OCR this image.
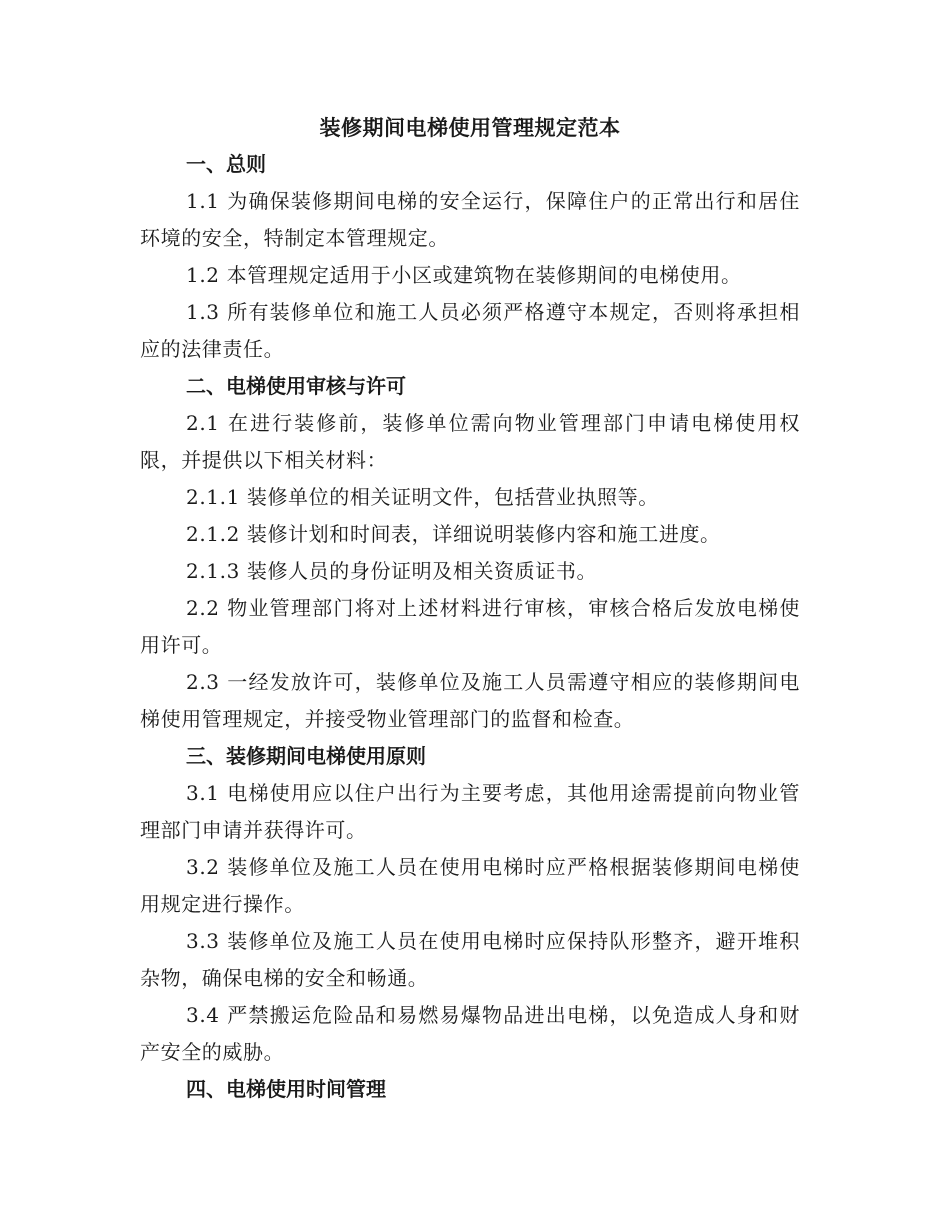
装修期间电梯使用管理规定范本

一、总则

1.1 为确保装修期间电梯的安全运行，保障住户的正常出行和居住环境的安全，特制定本管理规定。

1.2 本管理规定适用于小区或建筑物在装修期间的电梯使用。

1.3 所有装修单位和施工人员必须严格遵守本规定，否则将承担相应的法律责任。

二、电梯使用审核与许可

2.1 在进行装修前，装修单位需向物业管理部门申请电梯使用权限，并提供以下相关材料：

2.1.1 装修单位的相关证明文件，包括营业执照等。

2.1.2 装修计划和时间表，详细说明装修内容和施工进度。

2.1.3 装修人员的身份证明及相关资质证书。

2.2 物业管理部门将对上述材料进行审核，审核合格后发放电梯使用许可。

2.3 一经发放许可，装修单位及施工人员需遵守相应的装修期间电梯使用管理规定，并接受物业管理部门的监督和检查。

三、装修期间电梯使用原则

3.1 电梯使用应以住户出行为主要考虑，其他用途需提前向物业管理部门申请并获得许可。

3.2 装修单位及施工人员在使用电梯时应严格根据装修期间电梯使用规定进行操作。

3.3 装修单位及施工人员在使用电梯时应保持队形整齐，避开堆积杂物，确保电梯的安全和畅通。

3.4 严禁搬运危险品和易燃易爆物品进出电梯，以免造成人身和财产安全的威胁。

四、电梯使用时间管理
